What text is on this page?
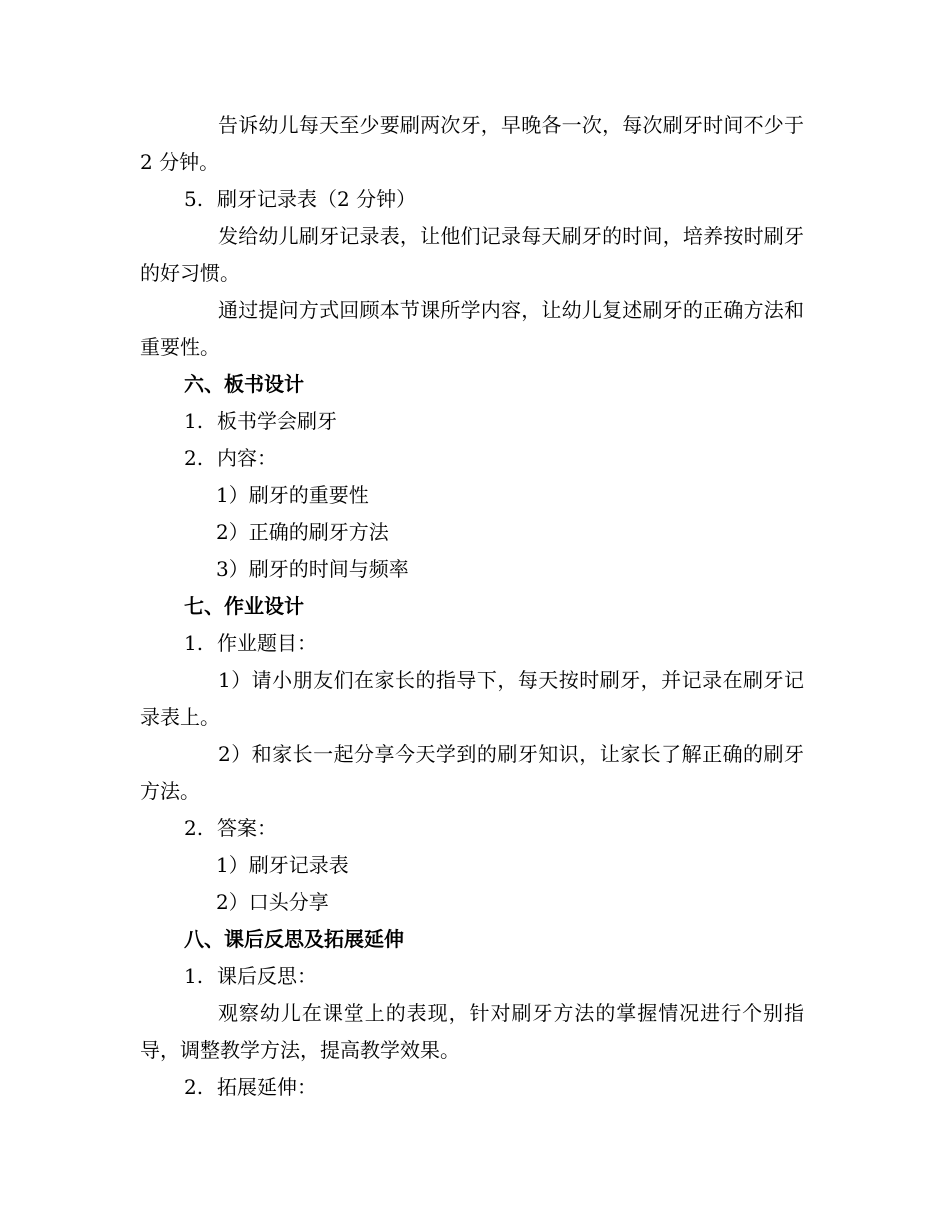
告诉幼儿每天至少要刷两次牙，早晚各一次，每次刷牙时间不少于 2 分钟。

5. 刷牙记录表（2 分钟）

发给幼儿刷牙记录表，让他们记录每天刷牙的时间，培养按时刷牙的好习惯。

通过提问方式回顾本节课所学内容，让幼儿复述刷牙的正确方法和重要性。

六、板书设计

1. 板书学会刷牙

2. 内容：

1）刷牙的重要性

2）正确的刷牙方法

3）刷牙的时间与频率

七、作业设计

1. 作业题目：

1）请小朋友们在家长的指导下，每天按时刷牙，并记录在刷牙记录表上。

2）和家长一起分享今天学到的刷牙知识，让家长了解正确的刷牙方法。

2. 答案：

1）刷牙记录表

2）口头分享

八、课后反思及拓展延伸

1. 课后反思：

观察幼儿在课堂上的表现，针对刷牙方法的掌握情况进行个别指导，调整教学方法，提高教学效果。

2. 拓展延伸：
